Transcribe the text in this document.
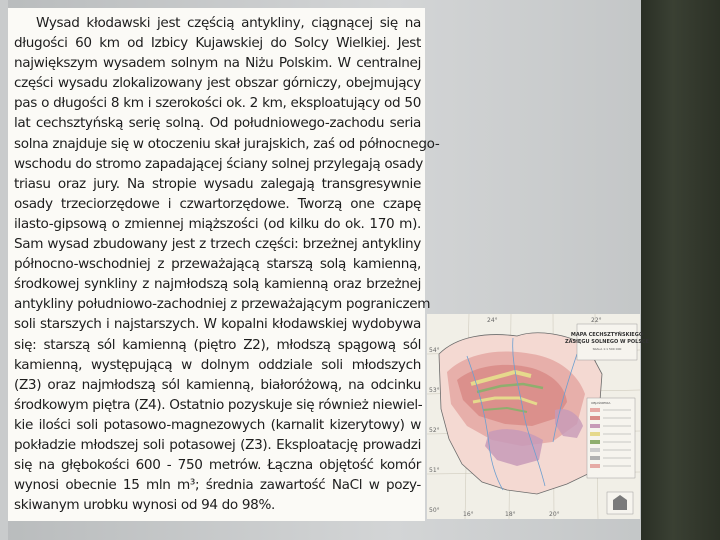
Wysad kłodawski jest częścią antykliny, ciągnącej się na
długości 60 km od Izbicy Kujawskiej do Solcy Wielkiej. Jest
największym wysadem solnym na Niżu Polskim. W centralnej
części wysadu zlokalizowany jest obszar górniczy, obejmujący
pas o długości 8 km i szerokości ok. 2 km, eksploatujący od 50
lat cechsztyńską serię solną. Od południowego-zachodu seria
solna znajduje się w otoczeniu skał jurajskich, zaś od północnego-
wschodu do stromo zapadającej ściany solnej przylegają osady
triasu oraz jury. Na stropie wysadu zalegają transgresywnie
osady trzeciorzędowe i czwartorzędowe. Tworzą one czapę
ilasto-gipsową o zmiennej miąższości (od kilku do ok. 170 m).
Sam wysad zbudowany jest z trzech części: brzeżnej antykliny
północno-wschodniej z przeważającą starszą solą kamienną,
środkowej synkliny z najmłodszą solą kamienną oraz brzeżnej
antykliny południowo-zachodniej z przeważającym pograniczem
soli starszych i najstarszych. W kopalni kłodawskiej wydobywa
się: starszą sól kamienną (piętro Z2), młodszą spągową sól
kamienną, występującą w dolnym oddziale soli młodszych
(Z3) oraz najmłodszą sól kamienną, białoróżową, na odcinku
środkowym piętra (Z4). Ostatnio pozyskuje się również niewiel-
kie ilości soli potasowo-magnezowych (karnalit kizerytowy) w
pokładzie młodszej soli potasowej (Z3). Eksploatację prowadzi
się na głębokości 600 - 750 metrów. Łączna objętość komór
wynosi obecnie 15 mln m³; średnia zawartość NaCl w pozy-
skiwanym urobku wynosi od 94 do 98%.
MAPA CECHSZTYŃSKIEGO
ZASIĘGU SOLNEGO W POLSCE
SKALA 1:1 500 000
OBJAŚNIENIA
54°
53°
52°
51°
50°
16°	18°	20°
22°
24°
